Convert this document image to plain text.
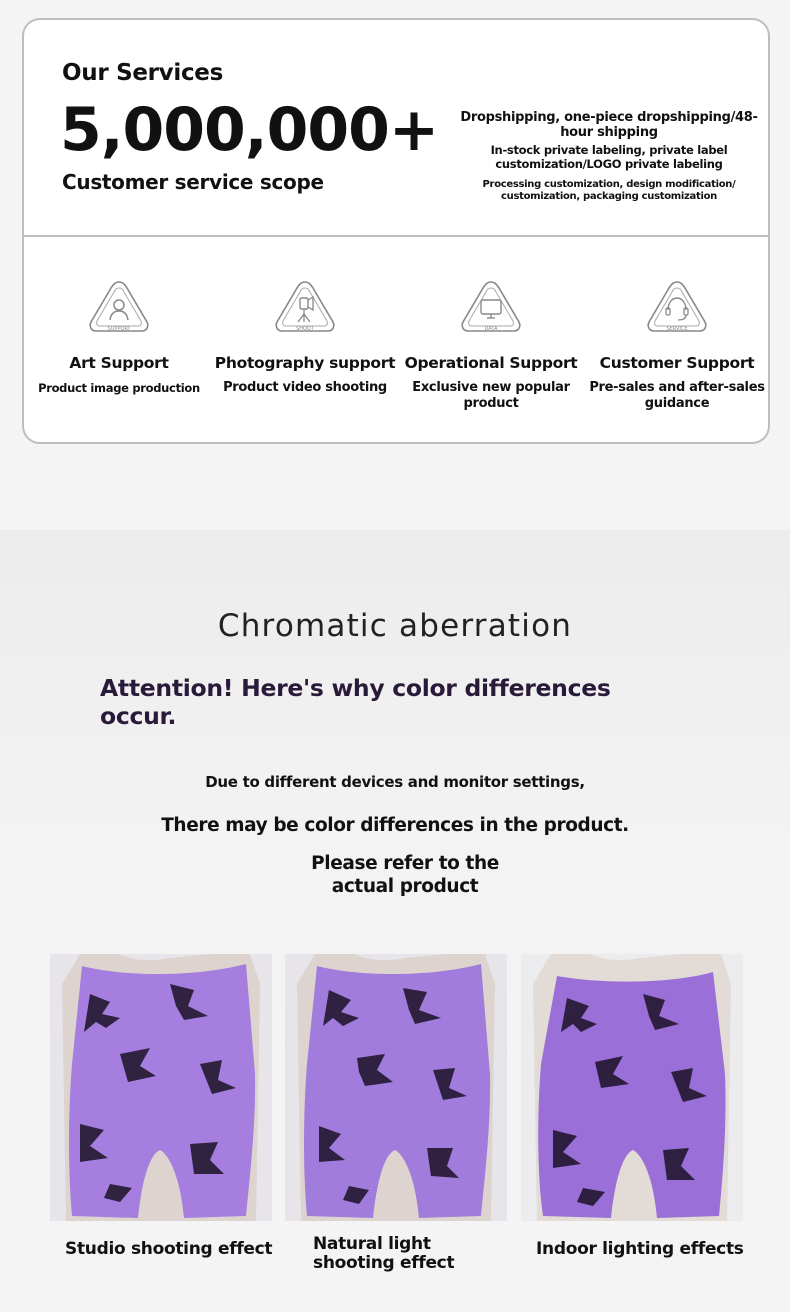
Our Services
5,000,000+
Customer service scope
Dropshipping, one-piece dropshipping/48-hour shipping
In-stock private labeling, private label customization/LOGO private labeling
Processing customization, design modification/ customization, packaging customization
SUPPORT
Art Support
Product image production
SHOOT
Photography support
Product video shooting
DATA
Operational Support
Exclusive new popular product
SERVICE
Customer Support
Pre-sales and after-sales guidance
Chromatic aberration
Attention! Here's why color differences occur.
Due to different devices and monitor settings,
There may be color differences in the product.
Please refer to the actual product
Studio shooting effect Natural light shooting effect
Indoor lighting effects
